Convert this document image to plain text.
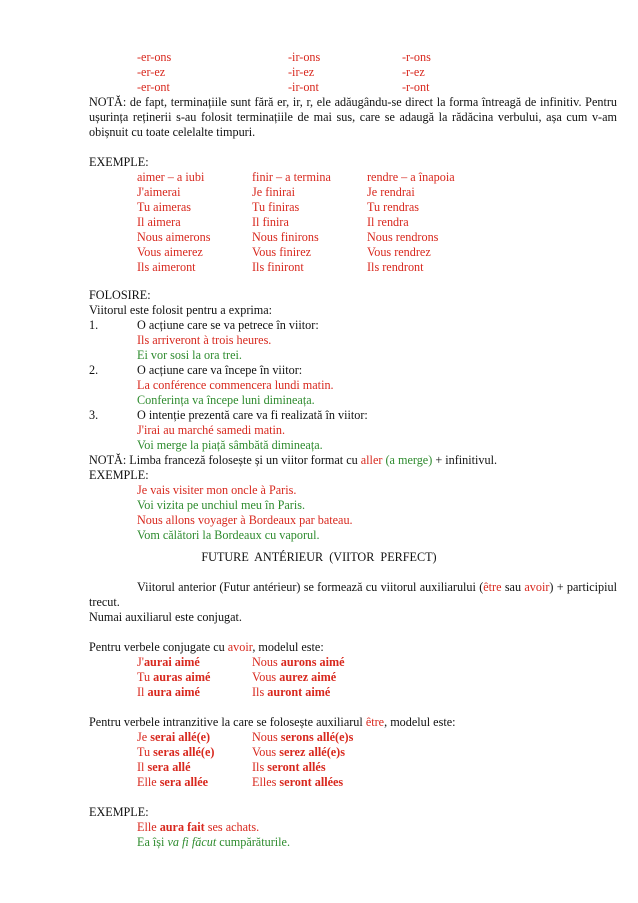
-er-ons	-ir-ons	-r-ons
-er-ez	-ir-ez	-r-ez
-er-ont	-ir-ont	-r-ont
NOTĂ: de fapt, terminațiile sunt fără er, ir, r, ele adăugându-se direct la forma întreagă de infinitiv. Pentru ușurința reținerii s-au folosit terminațiile de mai sus, care se adaugă la rădăcina verbului, așa cum v-am obișnuit cu toate celelalte timpuri.
EXEMPLE:
aimer – a iubi	finir – a termina	rendre – a înapoia
J'aimerai	Je finirai	Je rendrai
Tu aimeras	Tu finiras	Tu rendras
Il aimera	Il finira	Il rendra
Nous aimerons	Nous finirons	Nous rendrons
Vous aimerez	Vous finirez	Vous rendrez
Ils aimeront	Ils finiront	Ils rendront
FOLOSIRE:
Viitorul este folosit pentru a exprima:
1.	O acțiune care se va petrece în viitor:
Ils arriveront à trois heures.
Ei vor sosi la ora trei.
2.	O acțiune care va începe în viitor:
La conférence commencera lundi matin.
Conferința va începe luni dimineața.
3.	O intenție prezentă care va fi realizată în viitor:
J'irai au marché samedi matin.
Voi merge la piață sâmbătă dimineața.
NOTĂ: Limba franceză folosește și un viitor format cu aller (a merge) + infinitivul.
EXEMPLE:
Je vais visiter mon oncle à Paris.
Voi vizita pe unchiul meu în Paris.
Nous allons voyager à Bordeaux par bateau.
Vom călători la Bordeaux cu vaporul.
FUTURE ANTÉRIEUR (VIITOR PERFECT)
Viitorul anterior (Futur antérieur) se formează cu viitorul auxiliarului (être sau avoir) + participiul trecut.
Numai auxiliarul este conjugat.
Pentru verbele conjugate cu avoir, modelul este:
J'aurai aimé	Nous aurons aimé
Tu auras aimé	Vous aurez aimé
Il aura aimé	Ils auront aimé
Pentru verbele intranzitive la care se folosește auxiliarul être, modelul este:
Je serai allé(e)	Nous serons allé(e)s
Tu seras allé(e)	Vous serez allé(e)s
Il sera allé	Ils seront allés
Elle sera allée	Elles seront allées
EXEMPLE:
Elle aura fait ses achats.
Ea își va fi făcut cumpărăturile.
